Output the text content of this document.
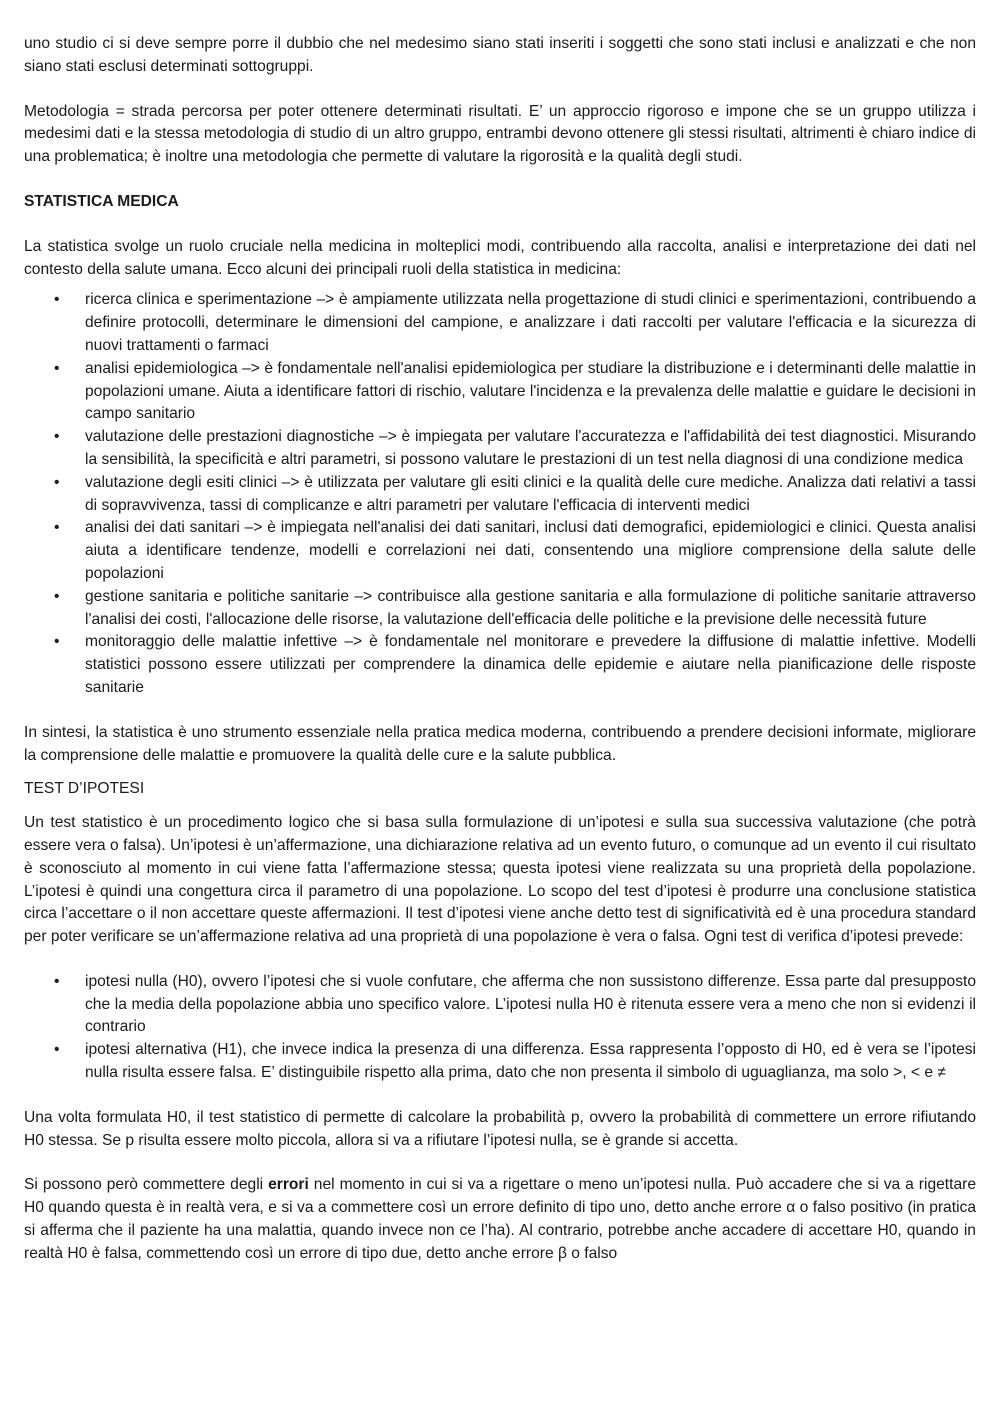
uno studio ci si deve sempre porre il dubbio che nel medesimo siano stati inseriti i soggetti che sono stati inclusi e analizzati e che non siano stati esclusi determinati sottogruppi.

Metodologia = strada percorsa per poter ottenere determinati risultati. E’ un approccio rigoroso e impone che se un gruppo utilizza i medesimi dati e la stessa metodologia di studio di un altro gruppo, entrambi devono ottenere gli stessi risultati, altrimenti è chiaro indice di una problematica; è inoltre una metodologia che permette di valutare la rigorosità e la qualità degli studi.

STATISTICA MEDICA

La statistica svolge un ruolo cruciale nella medicina in molteplici modi, contribuendo alla raccolta, analisi e interpretazione dei dati nel contesto della salute umana. Ecco alcuni dei principali ruoli della statistica in medicina:

• ricerca clinica e sperimentazione –> è ampiamente utilizzata nella progettazione di studi clinici e sperimentazioni, contribuendo a definire protocolli, determinare le dimensioni del campione, e analizzare i dati raccolti per valutare l'efficacia e la sicurezza di nuovi trattamenti o farmaci
• analisi epidemiologica –> è fondamentale nell'analisi epidemiologica per studiare la distribuzione e i determinanti delle malattie in popolazioni umane. Aiuta a identificare fattori di rischio, valutare l'incidenza e la prevalenza delle malattie e guidare le decisioni in campo sanitario
• valutazione delle prestazioni diagnostiche –> è impiegata per valutare l'accuratezza e l'affidabilità dei test diagnostici. Misurando la sensibilità, la specificità e altri parametri, si possono valutare le prestazioni di un test nella diagnosi di una condizione medica
• valutazione degli esiti clinici –> è utilizzata per valutare gli esiti clinici e la qualità delle cure mediche. Analizza dati relativi a tassi di sopravvivenza, tassi di complicanze e altri parametri per valutare l'efficacia di interventi medici
• analisi dei dati sanitari –> è impiegata nell'analisi dei dati sanitari, inclusi dati demografici, epidemiologici e clinici. Questa analisi aiuta a identificare tendenze, modelli e correlazioni nei dati, consentendo una migliore comprensione della salute delle popolazioni
• gestione sanitaria e politiche sanitarie –> contribuisce alla gestione sanitaria e alla formulazione di politiche sanitarie attraverso l'analisi dei costi, l'allocazione delle risorse, la valutazione dell'efficacia delle politiche e la previsione delle necessità future
• monitoraggio delle malattie infettive –> è fondamentale nel monitorare e prevedere la diffusione di malattie infettive. Modelli statistici possono essere utilizzati per comprendere la dinamica delle epidemie e aiutare nella pianificazione delle risposte sanitarie

In sintesi, la statistica è uno strumento essenziale nella pratica medica moderna, contribuendo a prendere decisioni informate, migliorare la comprensione delle malattie e promuovere la qualità delle cure e la salute pubblica.

TEST D’IPOTESI

Un test statistico è un procedimento logico che si basa sulla formulazione di un’ipotesi e sulla sua successiva valutazione (che potrà essere vera o falsa). Un’ipotesi è un’affermazione, una dichiarazione relativa ad un evento futuro, o comunque ad un evento il cui risultato è sconosciuto al momento in cui viene fatta l’affermazione stessa; questa ipotesi viene realizzata su una proprietà della popolazione. L’ipotesi è quindi una congettura circa il parametro di una popolazione. Lo scopo del test d’ipotesi è produrre una conclusione statistica circa l’accettare o il non accettare queste affermazioni. Il test d’ipotesi viene anche detto test di significatività ed è una procedura standard per poter verificare se un’affermazione relativa ad una proprietà di una popolazione è vera o falsa. Ogni test di verifica d’ipotesi prevede:

• ipotesi nulla (H0), ovvero l’ipotesi che si vuole confutare, che afferma che non sussistono differenze. Essa parte dal presupposto che la media della popolazione abbia uno specifico valore. L’ipotesi nulla H0 è ritenuta essere vera a meno che non si evidenzi il contrario
• ipotesi alternativa (H1), che invece indica la presenza di una differenza. Essa rappresenta l’opposto di H0, ed è vera se l’ipotesi nulla risulta essere falsa. E’ distinguibile rispetto alla prima, dato che non presenta il simbolo di uguaglianza, ma solo >, < e ≠

Una volta formulata H0, il test statistico di permette di calcolare la probabilità p, ovvero la probabilità di commettere un errore rifiutando H0 stessa. Se p risulta essere molto piccola, allora si va a rifiutare l’ipotesi nulla, se è grande si accetta.

Si possono però commettere degli errori nel momento in cui si va a rigettare o meno un’ipotesi nulla. Può accadere che si va a rigettare H0 quando questa è in realtà vera, e si va a commettere così un errore definito di tipo uno, detto anche errore α o falso positivo (in pratica si afferma che il paziente ha una malattia, quando invece non ce l’ha). Al contrario, potrebbe anche accadere di accettare H0, quando in realtà H0 è falsa, commettendo così un errore di tipo due, detto anche errore β o falso
